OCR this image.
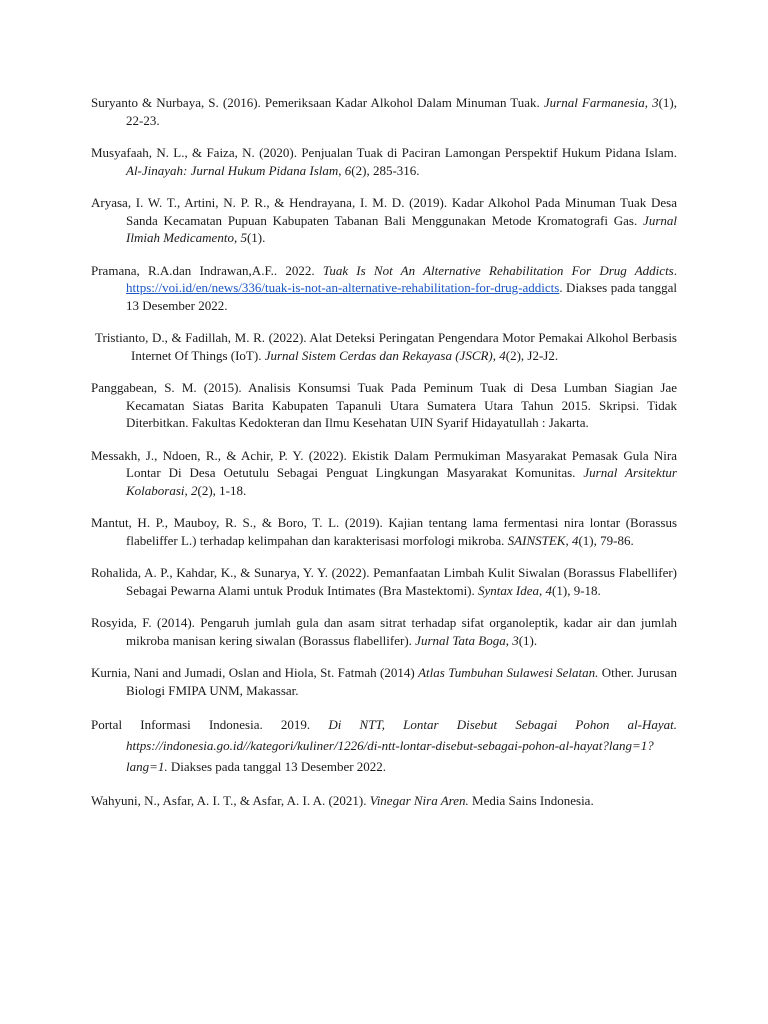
Suryanto & Nurbaya, S. (2016). Pemeriksaan Kadar Alkohol Dalam Minuman Tuak. Jurnal Farmanesia, 3(1), 22-23.

Musyafaah, N. L., & Faiza, N. (2020). Penjualan Tuak di Paciran Lamongan Perspektif Hukum Pidana Islam. Al-Jinayah: Jurnal Hukum Pidana Islam, 6(2), 285-316.

Aryasa, I. W. T., Artini, N. P. R., & Hendrayana, I. M. D. (2019). Kadar Alkohol Pada Minuman Tuak Desa Sanda Kecamatan Pupuan Kabupaten Tabanan Bali Menggunakan Metode Kromatografi Gas. Jurnal Ilmiah Medicamento, 5(1).

Pramana, R.A.dan Indrawan,A.F.. 2022. Tuak Is Not An Alternative Rehabilitation For Drug Addicts. https://voi.id/en/news/336/tuak-is-not-an-alternative-rehabilitation-for-drug-addicts. Diakses pada tanggal 13 Desember 2022.

Tristianto, D., & Fadillah, M. R. (2022). Alat Deteksi Peringatan Pengendara Motor Pemakai Alkohol Berbasis Internet Of Things (IoT). Jurnal Sistem Cerdas dan Rekayasa (JSCR), 4(2), J2-J2.

Panggabean, S. M. (2015). Analisis Konsumsi Tuak Pada Peminum Tuak di Desa Lumban Siagian Jae Kecamatan Siatas Barita Kabupaten Tapanuli Utara Sumatera Utara Tahun 2015. Skripsi. Tidak Diterbitkan. Fakultas Kedokteran dan Ilmu Kesehatan UIN Syarif Hidayatullah : Jakarta.

Messakh, J., Ndoen, R., & Achir, P. Y. (2022). Ekistik Dalam Permukiman Masyarakat Pemasak Gula Nira Lontar Di Desa Oetutulu Sebagai Penguat Lingkungan Masyarakat Komunitas. Jurnal Arsitektur Kolaborasi, 2(2), 1-18.

Mantut, H. P., Mauboy, R. S., & Boro, T. L. (2019). Kajian tentang lama fermentasi nira lontar (Borassus flabeliffer L.) terhadap kelimpahan dan karakterisasi morfologi mikroba. SAINSTEK, 4(1), 79-86.

Rohalida, A. P., Kahdar, K., & Sunarya, Y. Y. (2022). Pemanfaatan Limbah Kulit Siwalan (Borassus Flabellifer) Sebagai Pewarna Alami untuk Produk Intimates (Bra Mastektomi). Syntax Idea, 4(1), 9-18.

Rosyida, F. (2014). Pengaruh jumlah gula dan asam sitrat terhadap sifat organoleptik, kadar air dan jumlah mikroba manisan kering siwalan (Borassus flabellifer). Jurnal Tata Boga, 3(1).

Kurnia, Nani and Jumadi, Oslan and Hiola, St. Fatmah (2014) Atlas Tumbuhan Sulawesi Selatan. Other. Jurusan Biologi FMIPA UNM, Makassar.

Portal Informasi Indonesia. 2019. Di NTT, Lontar Disebut Sebagai Pohon al-Hayat. https://indonesia.go.id//kategori/kuliner/1226/di-ntt-lontar-disebut-sebagai-pohon-al-hayat?lang=1?lang=1. Diakses pada tanggal 13 Desember 2022.

Wahyuni, N., Asfar, A. I. T., & Asfar, A. I. A. (2021). Vinegar Nira Aren. Media Sains Indonesia.
